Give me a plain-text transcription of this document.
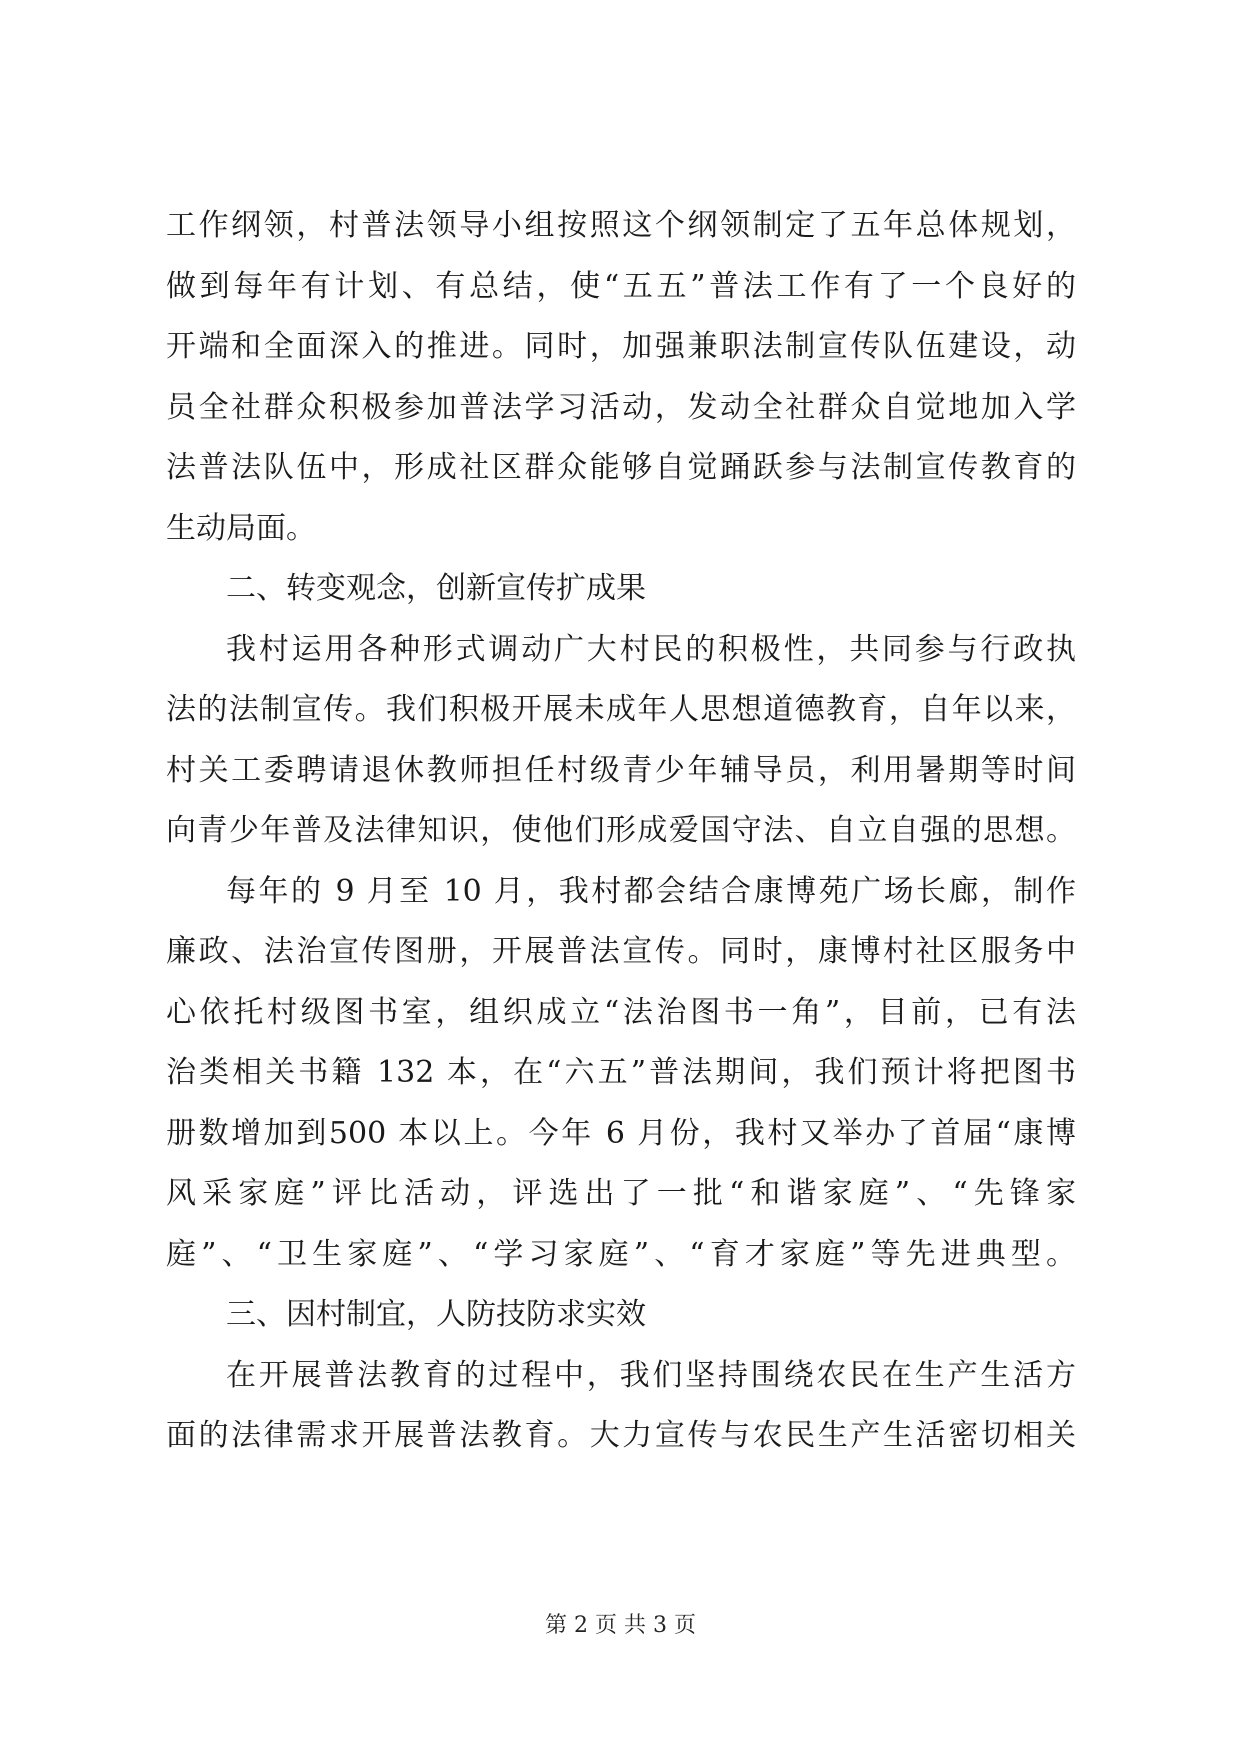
工作纲领，村普法领导小组按照这个纲领制定了五年总体规划，
做到每年有计划、有总结，使“五五”普法工作有了一个良好的
开端和全面深入的推进。同时，加强兼职法制宣传队伍建设，动
员全社群众积极参加普法学习活动，发动全社群众自觉地加入学
法普法队伍中，形成社区群众能够自觉踊跃参与法制宣传教育的
生动局面。
二、转变观念，创新宣传扩成果
我村运用各种形式调动广大村民的积极性，共同参与行政执
法的法制宣传。我们积极开展未成年人思想道德教育，自年以来，
村关工委聘请退休教师担任村级青少年辅导员，利用暑期等时间
向青少年普及法律知识，使他们形成爱国守法、自立自强的思想。
每年的 9 月至 10 月，我村都会结合康博苑广场长廊，制作
廉政、法治宣传图册，开展普法宣传。同时，康博村社区服务中
心依托村级图书室，组织成立“法治图书一角”，目前，已有法
治类相关书籍 132 本，在“六五”普法期间，我们预计将把图书
册数增加到500 本以上。今年 6 月份，我村又举办了首届“康博
风采家庭”评比活动，评选出了一批“和谐家庭”、“先锋家
庭”、“卫生家庭”、“学习家庭”、“育才家庭”等先进典型。
三、因村制宜，人防技防求实效
在开展普法教育的过程中，我们坚持围绕农民在生产生活方
面的法律需求开展普法教育。大力宣传与农民生产生活密切相关
第 2 页 共 3 页
